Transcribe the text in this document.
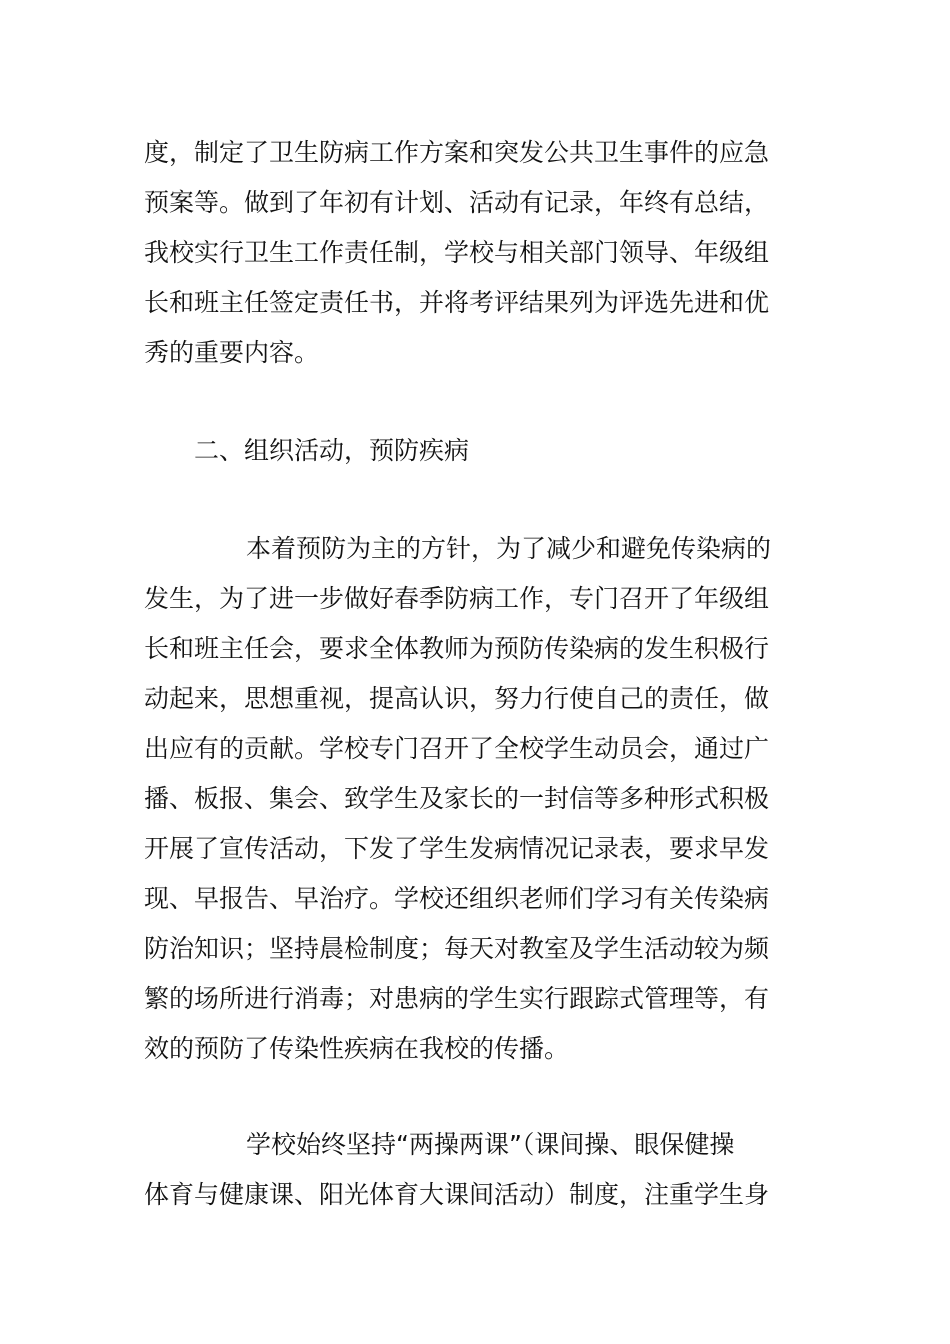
度，制定了卫生防病工作方案和突发公共卫生事件的应急
预案等。做到了年初有计划、活动有记录，年终有总结，
我校实行卫生工作责任制，学校与相关部门领导、年级组
长和班主任签定责任书，并将考评结果列为评选先进和优
秀的重要内容。
二、组织活动，预防疾病
本着预防为主的方针，为了减少和避免传染病的
发生，为了进一步做好春季防病工作，专门召开了年级组
长和班主任会，要求全体教师为预防传染病的发生积极行
动起来，思想重视，提高认识，努力行使自己的责任，做
出应有的贡献。学校专门召开了全校学生动员会，通过广
播、板报、集会、致学生及家长的一封信等多种形式积极
开展了宣传活动，下发了学生发病情况记录表，要求早发
现、早报告、早治疗。学校还组织老师们学习有关传染病
防治知识；坚持晨检制度；每天对教室及学生活动较为频
繁的场所进行消毒；对患病的学生实行跟踪式管理等，有
效的预防了传染性疾病在我校的传播。
学校始终坚持“两操两课”（课间操、眼保健操
体育与健康课、阳光体育大课间活动）制度，注重学生身
